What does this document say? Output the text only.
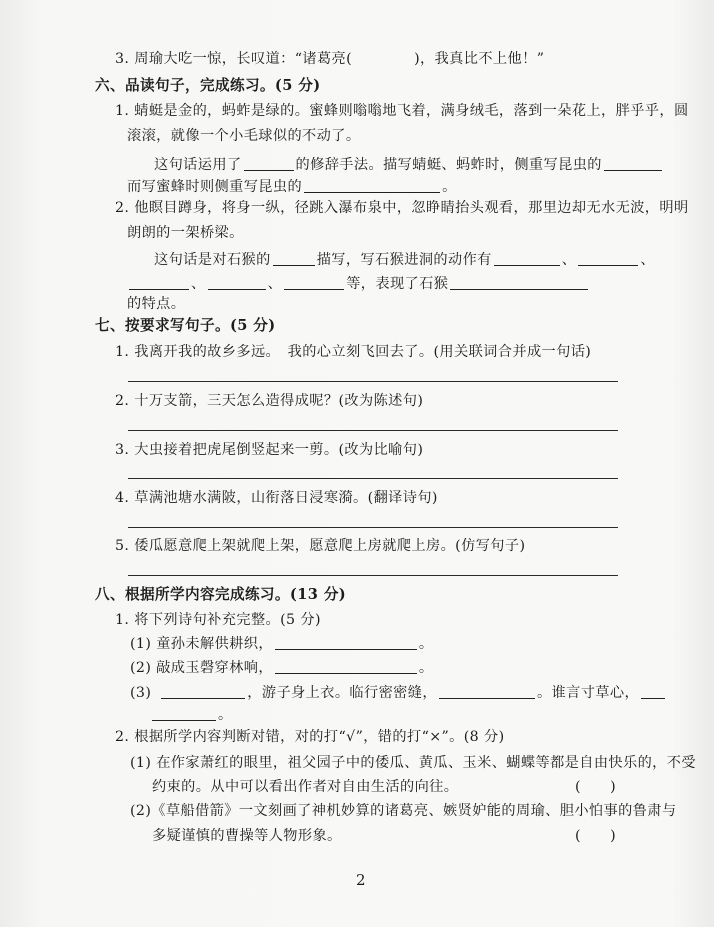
3. 周瑜大吃一惊，长叹道：“诸葛亮(	)，我真比不上他！”
六、品读句子，完成练习。(5 分)
1. 蜻蜓是金的，蚂蚱是绿的。蜜蜂则嗡嗡地飞着，满身绒毛，落到一朵花上，胖乎乎，圆
滚滚，就像一个小毛球似的不动了。
这句话运用了	的修辞手法。描写蜻蜓、蚂蚱时，侧重写昆虫的
而写蜜蜂时则侧重写昆虫的	。
2. 他瞑目蹲身，将身一纵，径跳入瀑布泉中，忽睁睛抬头观看，那里边却无水无波，明明
朗朗的一架桥梁。
这句话是对石猴的	描写，写石猴进洞的动作有	、	、
、	、	等，表现了石猴
的特点。
七、按要求写句子。(5 分)
1. 我离开我的故乡多远。　我的心立刻飞回去了。(用关联词合并成一句话)
2. 十万支箭，三天怎么造得成呢？(改为陈述句)
3. 大虫接着把虎尾倒竖起来一剪。(改为比喻句)
4. 草满池塘水满陂，山衔落日浸寒漪。(翻译诗句)
5. 倭瓜愿意爬上架就爬上架，愿意爬上房就爬上房。(仿写句子)
八、根据所学内容完成练习。(13 分)
1. 将下列诗句补充完整。(5 分)
(1) 童孙未解供耕织，	。
(2) 敲成玉磬穿林响，	。
(3)	，游子身上衣。临行密密缝，	。谁言寸草心，
。
2. 根据所学内容判断对错，对的打“√”，错的打“×”。(8 分)
(1) 在作家萧红的眼里，祖父园子中的倭瓜、黄瓜、玉米、蝴蝶等都是自由快乐的，不受
约束的。从中可以看出作者对自由生活的向往。	(　　)
(2)《草船借箭》一文刻画了神机妙算的诸葛亮、嫉贤妒能的周瑜、胆小怕事的鲁肃与
多疑谨慎的曹操等人物形象。	(　　)
2
